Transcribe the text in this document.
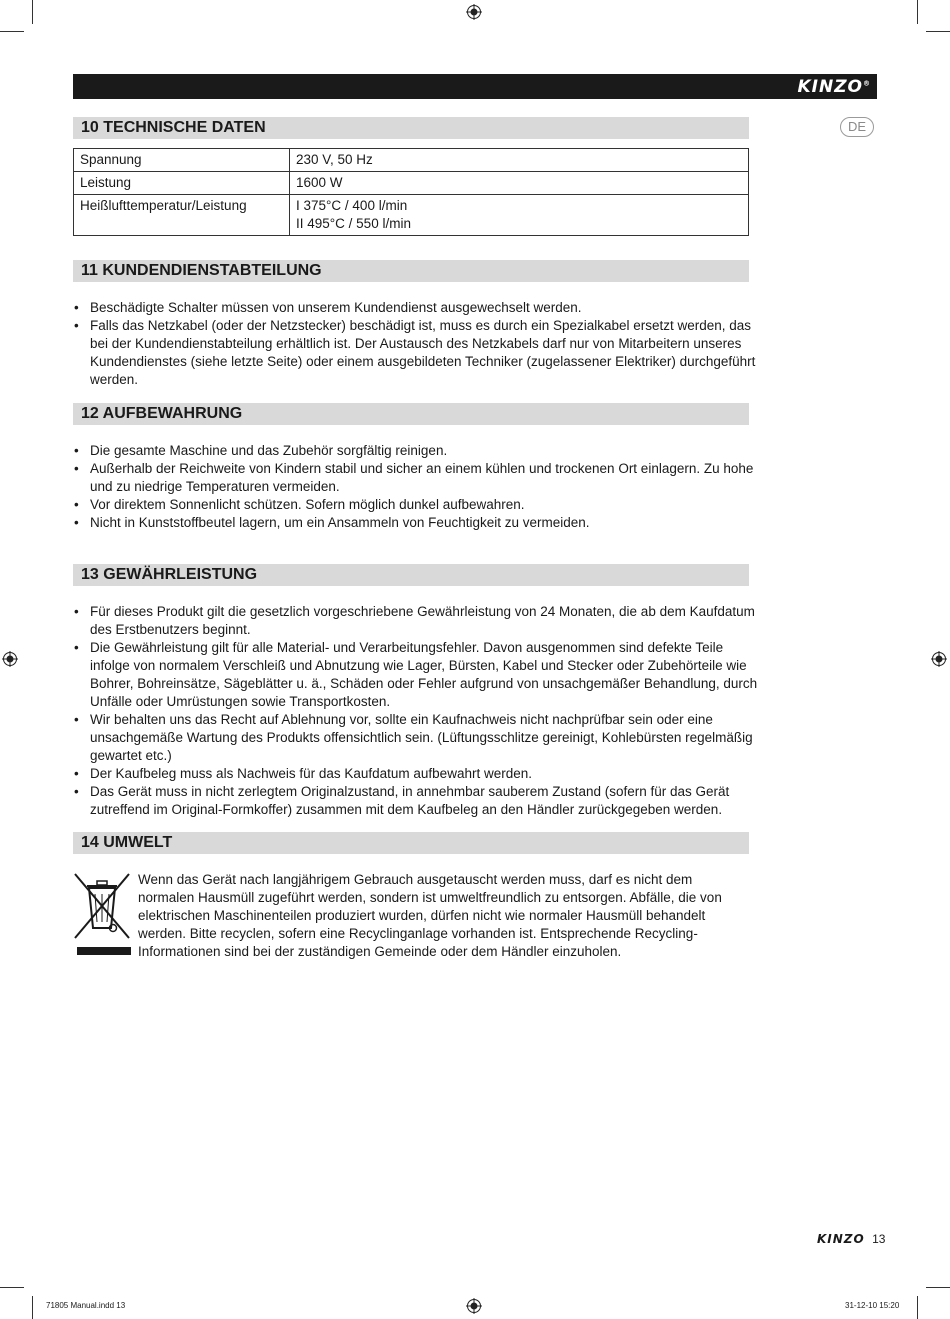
KINZO®
DE
10 TECHNISCHE DATEN
Spannung	230 V, 50 Hz
Leistung	1600 W
Heißlufttemperatur/Leistung	I 375°C / 400 l/min
II 495°C / 550 l/min
11 KUNDENDIENSTABTEILUNG
• Beschädigte Schalter müssen von unserem Kundendienst ausgewechselt werden.
• Falls das Netzkabel (oder der Netzstecker) beschädigt ist, muss es durch ein Spezialkabel ersetzt werden, das bei der Kundendienstabteilung erhältlich ist. Der Austausch des Netzkabels darf nur von Mitarbeitern unseres Kundendienstes (siehe letzte Seite) oder einem ausgebildeten Techniker (zugelassener Elektriker) durchgeführt werden.
12 AUFBEWAHRUNG
• Die gesamte Maschine und das Zubehör sorgfältig reinigen.
• Außerhalb der Reichweite von Kindern stabil und sicher an einem kühlen und trockenen Ort einlagern. Zu hohe und zu niedrige Temperaturen vermeiden.
• Vor direktem Sonnenlicht schützen. Sofern möglich dunkel aufbewahren.
• Nicht in Kunststoffbeutel lagern, um ein Ansammeln von Feuchtigkeit zu vermeiden.
13 GEWÄHRLEISTUNG
• Für dieses Produkt gilt die gesetzlich vorgeschriebene Gewährleistung von 24 Monaten, die ab dem Kaufdatum des Erstbenutzers beginnt.
• Die Gewährleistung gilt für alle Material- und Verarbeitungsfehler. Davon ausgenommen sind defekte Teile infolge von normalem Verschleiß und Abnutzung wie Lager, Bürsten, Kabel und Stecker oder Zubehörteile wie Bohrer, Bohreinsätze, Sägeblätter u. ä., Schäden oder Fehler aufgrund von unsachgemäßer Behandlung, durch Unfälle oder Umrüstungen sowie Transportkosten.
• Wir behalten uns das Recht auf Ablehnung vor, sollte ein Kaufnachweis nicht nachprüfbar sein oder eine unsachgemäße Wartung des Produkts offensichtlich sein. (Lüftungsschlitze gereinigt, Kohlebürsten regelmäßig gewartet etc.)
• Der Kaufbeleg muss als Nachweis für das Kaufdatum aufbewahrt werden.
• Das Gerät muss in nicht zerlegtem Originalzustand, in annehmbar sauberem Zustand (sofern für das Gerät zutreffend im Original-Formkoffer) zusammen mit dem Kaufbeleg an den Händler zurückgegeben werden.
14 UMWELT
Wenn das Gerät nach langjährigem Gebrauch ausgetauscht werden muss, darf es nicht dem normalen Hausmüll zugeführt werden, sondern ist umweltfreundlich zu entsorgen. Abfälle, die von elektrischen Maschinenteilen produziert wurden, dürfen nicht wie normaler Hausmüll behandelt werden. Bitte recyclen, sofern eine Recyclinganlage vorhanden ist. Entsprechende Recycling-Informationen sind bei der zuständigen Gemeinde oder dem Händler einzuholen.
KINZO 13
71805 Manual.indd 13	31-12-10 15:20
